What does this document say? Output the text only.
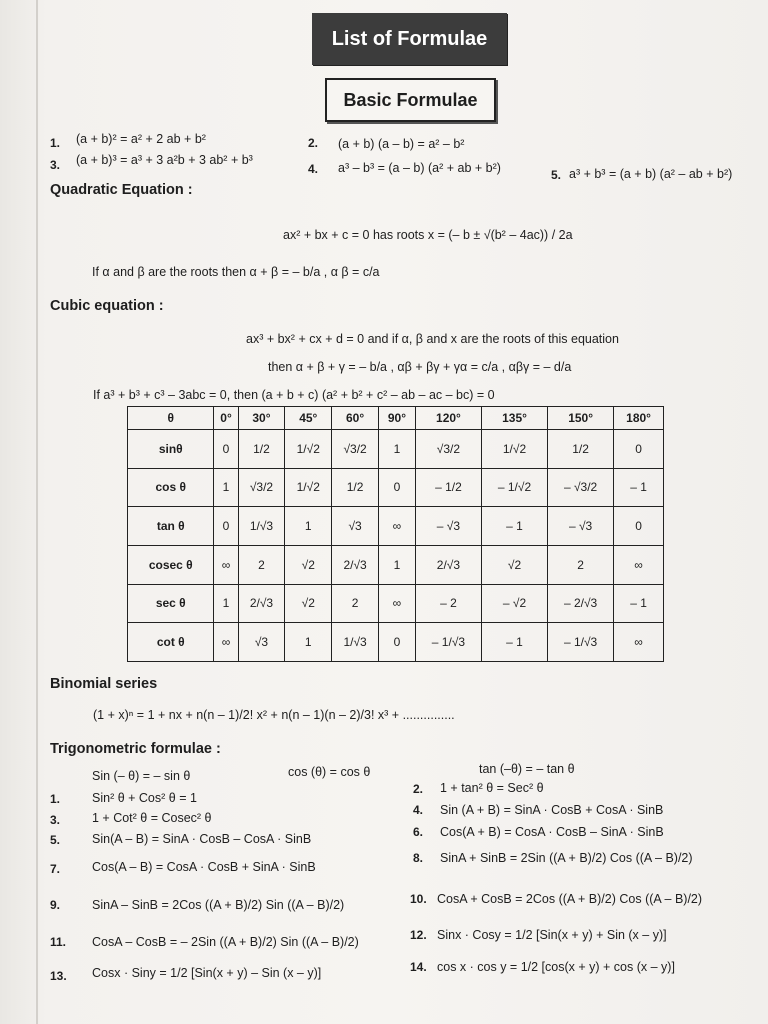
List of Formulae
Basic Formulae
1. (a + b)² = a² + 2 ab + b²	2. (a + b) (a – b) = a² – b²
3. (a + b)³ = a³ + 3 a²b + 3 ab² + b³
4. a³ – b³ = (a – b) (a² + ab + b²)	5. a³ + b³ = (a + b) (a² – ab + b²)
Quadratic Equation :
ax² + bx + c = 0 has roots x = (– b ± √(b² – 4ac)) / 2a
If α and β are the roots then α + β = – b/a , α β = c/a
Cubic equation :
ax³ + bx² + cx + d = 0 and if α, β and x are the roots of this equation
then α + β + γ = – b/a , αβ + βγ + γα = c/a , αβγ = – d/a
If a³ + b³ + c³ – 3abc = 0, then (a + b + c) (a² + b² + c² – ab – ac – bc) = 0
θ	0°	30°	45°	60°	90°	120°	135°	150°	180°
sinθ	0	1/2	1/√2	√3/2	1	√3/2	1/√2	1/2	0
cos θ	1	√3/2	1/√2	1/2	0	– 1/2	– 1/√2	– √3/2	– 1
tan θ	0	1/√3	1	√3	∞	– √3	– 1	– √3	0
cosec θ	∞	2	√2	2/√3	1	2/√3	√2	2	∞
sec θ	1	2/√3	√2	2	∞	– 2	– √2	– 2/√3	– 1
cot θ	∞	√3	1	1/√3	0	– 1/√3	– 1	– 1/√3	∞
Binomial series
(1 + x)ⁿ = 1 + nx + n(n – 1)/2! x² + n(n – 1)(n – 2)/3! x³ + ...............
Trigonometric formulae :
Sin (– θ) = – sin θ	cos (θ) = cos θ	tan (–θ) = – tan θ
1.	Sin² θ + Cos² θ = 1
2. 1 + tan² θ = Sec² θ
3.	1 + Cot² θ = Cosec² θ
4. Sin (A + B) = SinA · CosB + CosA · SinB
5.	Sin(A – B) = SinA · CosB – CosA · SinB	6. Cos(A + B) = CosA · CosB – SinA · SinB
7.	Cos(A – B) = CosA · CosB + SinA · SinB
8. SinA + SinB = 2Sin ((A + B)/2) Cos ((A – B)/2)
9.	SinA – SinB = 2Cos ((A + B)/2) Sin ((A – B)/2)	10. CosA + CosB = 2Cos ((A + B)/2) Cos ((A – B)/2)
11. CosA – CosB = – 2Sin ((A + B)/2) Sin ((A – B)/2)	12. Sinx · Cosy = 1/2 [Sin(x + y) + Sin (x – y)]
13. Cosx · Siny = 1/2 [Sin(x + y) – Sin (x – y)]	14. cos x · cos y = 1/2 [cos(x + y) + cos (x – y)]
